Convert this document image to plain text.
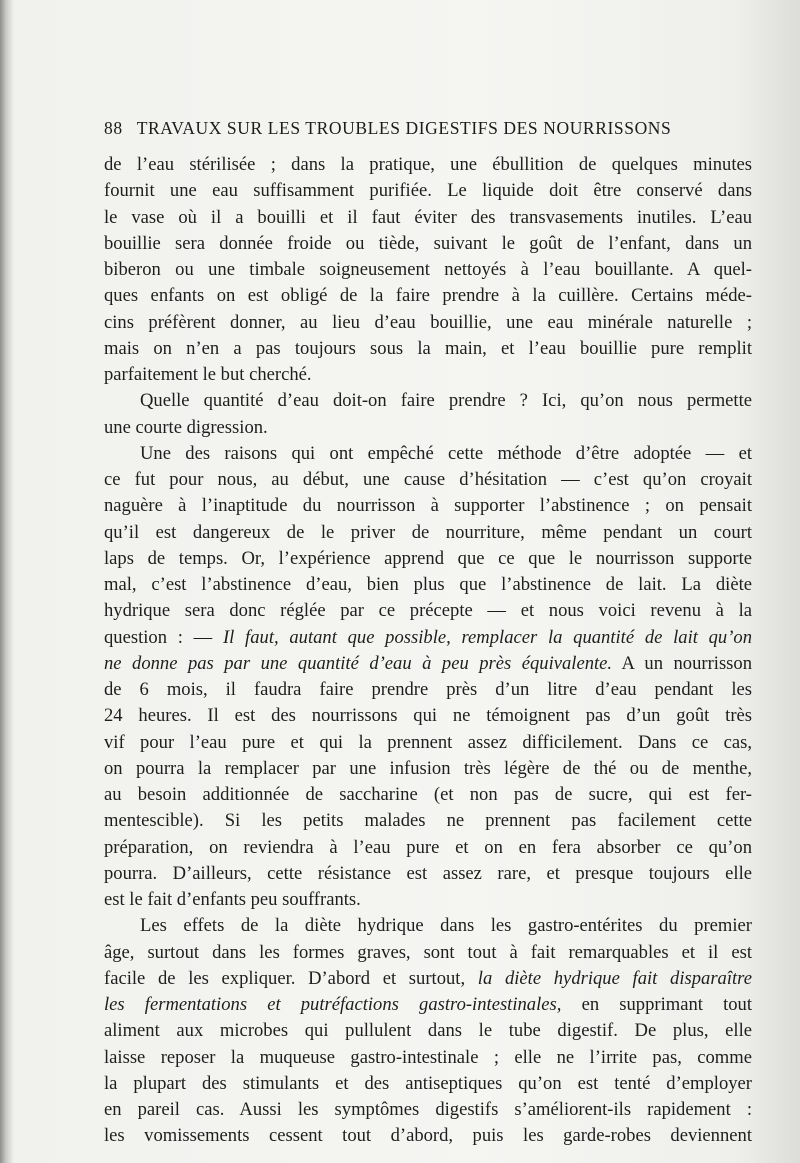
88 TRAVAUX SUR LES TROUBLES DIGESTIFS DES NOURRISSONS
de l’eau stérilisée ; dans la pratique, une ébullition de quelques minutes
fournit une eau suffisamment purifiée. Le liquide doit être conservé dans
le vase où il a bouilli et il faut éviter des transvasements inutiles. L’eau
bouillie sera donnée froide ou tiède, suivant le goût de l’enfant, dans un
biberon ou une timbale soigneusement nettoyés à l’eau bouillante. A quel-
ques enfants on est obligé de la faire prendre à la cuillère. Certains méde-
cins préfèrent donner, au lieu d’eau bouillie, une eau minérale naturelle ;
mais on n’en a pas toujours sous la main, et l’eau bouillie pure remplit
parfaitement le but cherché.
Quelle quantité d’eau doit-on faire prendre ? Ici, qu’on nous permette
une courte digression.
Une des raisons qui ont empêché cette méthode d’être adoptée — et
ce fut pour nous, au début, une cause d’hésitation — c’est qu’on croyait
naguère à l’inaptitude du nourrisson à supporter l’abstinence ; on pensait
qu’il est dangereux de le priver de nourriture, même pendant un court
laps de temps. Or, l’expérience apprend que ce que le nourrisson supporte
mal, c’est l’abstinence d’eau, bien plus que l’abstinence de lait. La diète
hydrique sera donc réglée par ce précepte — et nous voici revenu à la
question : — Il faut, autant que possible, remplacer la quantité de lait qu’on
ne donne pas par une quantité d’eau à peu près équivalente. A un nourrisson
de 6 mois, il faudra faire prendre près d’un litre d’eau pendant les
24 heures. Il est des nourrissons qui ne témoignent pas d’un goût très
vif pour l’eau pure et qui la prennent assez difficilement. Dans ce cas,
on pourra la remplacer par une infusion très légère de thé ou de menthe,
au besoin additionnée de saccharine (et non pas de sucre, qui est fer-
mentescible). Si les petits malades ne prennent pas facilement cette
préparation, on reviendra à l’eau pure et on en fera absorber ce qu’on
pourra. D’ailleurs, cette résistance est assez rare, et presque toujours elle
est le fait d’enfants peu souffrants.
Les effets de la diète hydrique dans les gastro-entérites du premier
âge, surtout dans les formes graves, sont tout à fait remarquables et il est
facile de les expliquer. D’abord et surtout, la diète hydrique fait disparaître
les fermentations et putréfactions gastro-intestinales, en supprimant tout
aliment aux microbes qui pullulent dans le tube digestif. De plus, elle
laisse reposer la muqueuse gastro-intestinale ; elle ne l’irrite pas, comme
la plupart des stimulants et des antiseptiques qu’on est tenté d’employer
en pareil cas. Aussi les symptômes digestifs s’améliorent-ils rapidement :
les vomissements cessent tout d’abord, puis les garde-robes deviennent
